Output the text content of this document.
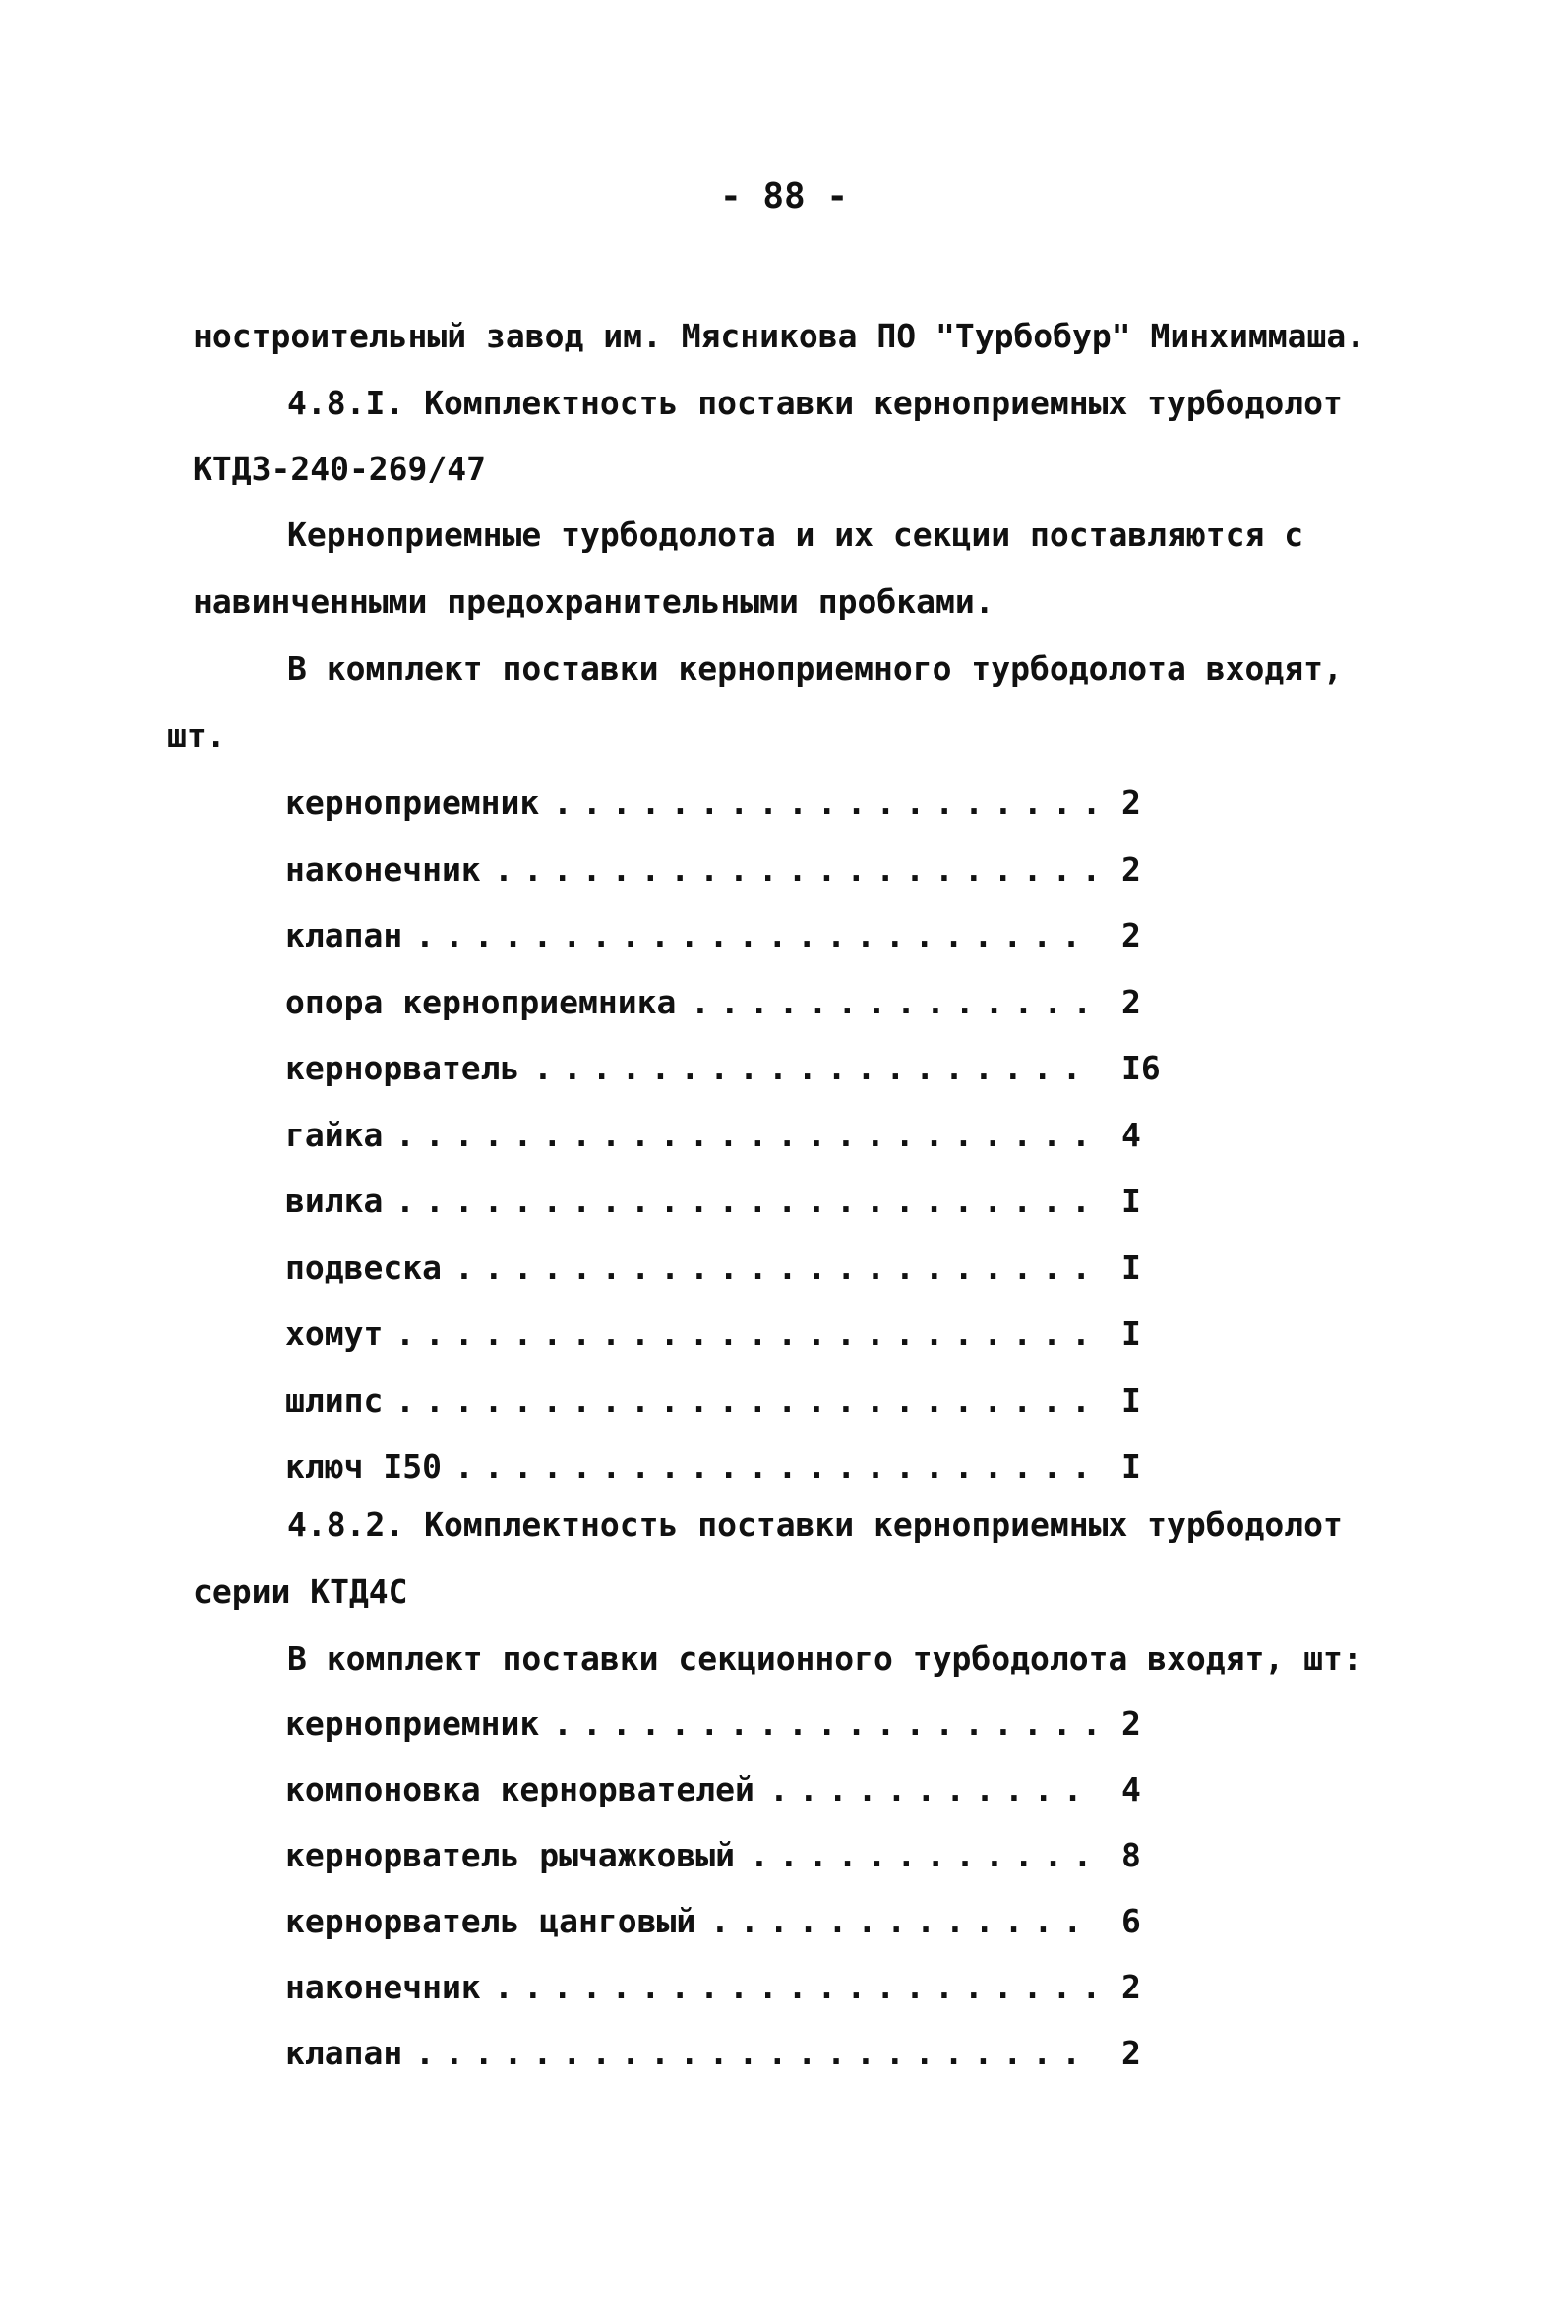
- 88 -
ностроительный завод им. Мясникова ПО "Турбобур" Минхиммаша.
4.8.I. Комплектность поставки керноприемных турбодолот
КТДЗ-240-269/47
Керноприемные турбодолота и их секции поставляются с
навинченными предохранительными пробками.
В комплект поставки керноприемного турбодолота входят,
шт.
керноприемник ................... 2
наконечник ..................... 2
клапан ....................... 2
опора керноприемника .............. 2
кернорватель ................... I6
гайка ........................ 4
вилка ........................ I
подвеска ...................... I
хомут ........................ I
шлипс ........................ I
ключ I50 ...................... I
4.8.2. Комплектность поставки керноприемных турбодолот
серии КТД4С
В комплект поставки секционного турбодолота входят, шт:
керноприемник ................... 2
компоновка кернорвателей ........... 4
кернорватель рычажковый ............ 8
кернорватель цанговый ............. 6
наконечник ..................... 2
клапан ....................... 2
